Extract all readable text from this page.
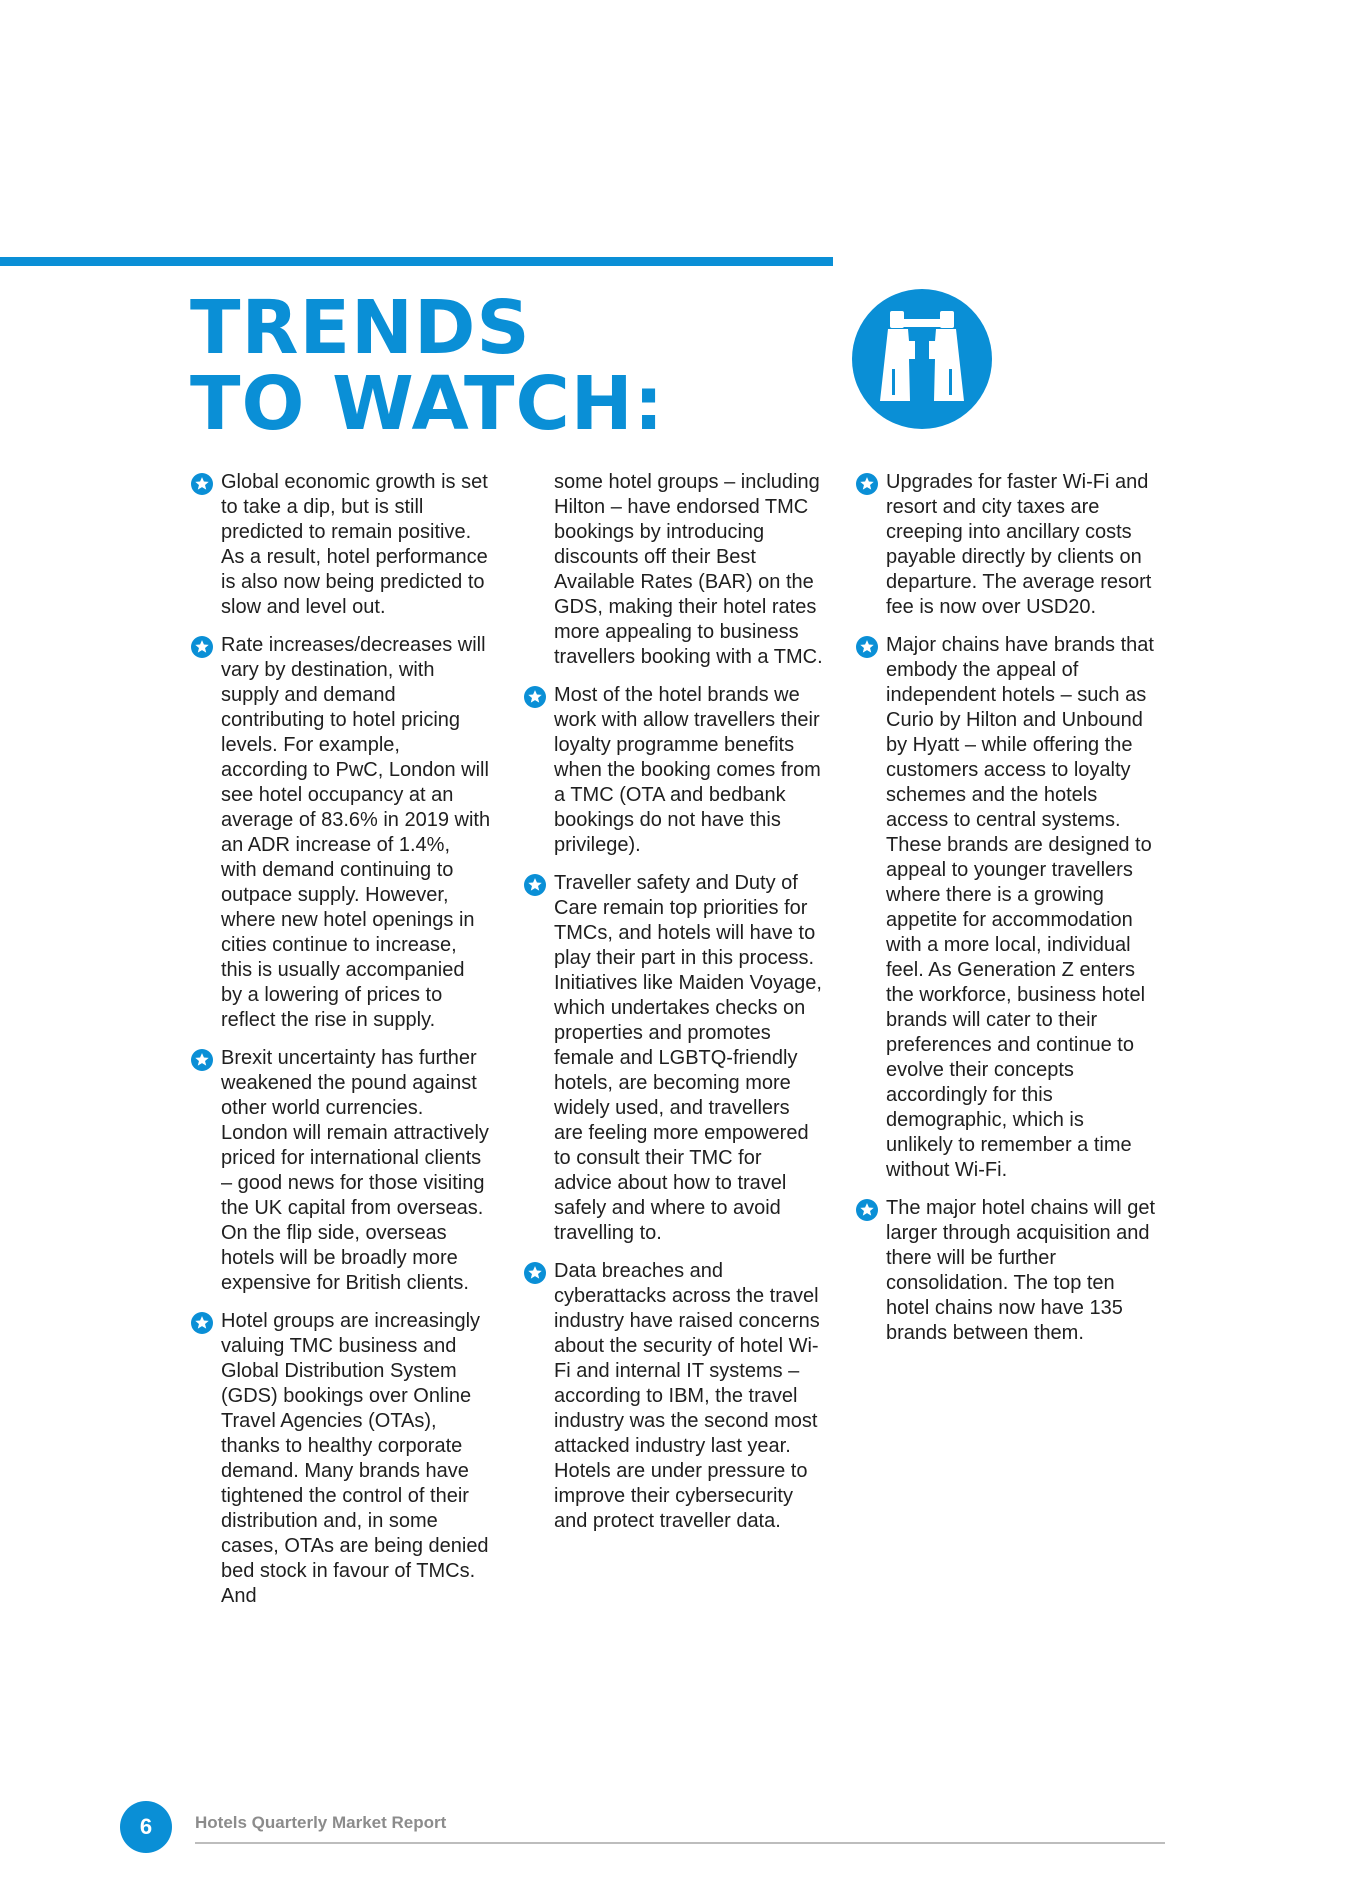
TRENDS
TO WATCH:
Global economic growth is set to take a dip, but is still predicted to remain positive. As a result, hotel performance is also now being predicted to slow and level out.
Rate increases/decreases will vary by destination, with supply and demand contributing to hotel pricing levels. For example, according to PwC, London will see hotel occupancy at an average of 83.6% in 2019 with an ADR increase of 1.4%, with demand continuing to outpace supply. However, where new hotel openings in cities continue to increase, this is usually accompanied by a lowering of prices to reflect the rise in supply.
Brexit uncertainty has further weakened the pound against other world currencies. London will remain attractively priced for international clients – good news for those visiting the UK capital from overseas. On the flip side, overseas hotels will be broadly more expensive for British clients.
Hotel groups are increasingly valuing TMC business and Global Distribution System (GDS) bookings over Online Travel Agencies (OTAs), thanks to healthy corporate demand. Many brands have tightened the control of their distribution and, in some cases, OTAs are being denied bed stock in favour of TMCs. And
some hotel groups – including Hilton – have endorsed TMC bookings by introducing discounts off their Best Available Rates (BAR) on the GDS, making their hotel rates more appealing to business travellers booking with a TMC.
Most of the hotel brands we work with allow travellers their loyalty programme benefits when the booking comes from a TMC (OTA and bedbank bookings do not have this privilege).
Traveller safety and Duty of Care remain top priorities for TMCs, and hotels will have to play their part in this process. Initiatives like Maiden Voyage, which undertakes checks on properties and promotes female and LGBTQ-friendly hotels, are becoming more widely used, and travellers are feeling more empowered to consult their TMC for advice about how to travel safely and where to avoid travelling to.
Data breaches and cyberattacks across the travel industry have raised concerns about the security of hotel Wi-Fi and internal IT systems – according to IBM, the travel industry was the second most attacked industry last year. Hotels are under pressure to improve their cybersecurity and protect traveller data.
Upgrades for faster Wi-Fi and resort and city taxes are creeping into ancillary costs payable directly by clients on departure. The average resort fee is now over USD20.
Major chains have brands that embody the appeal of independent hotels – such as Curio by Hilton and Unbound by Hyatt – while offering the customers access to loyalty schemes and the hotels access to central systems. These brands are designed to appeal to younger travellers where there is a growing appetite for accommodation with a more local, individual feel. As Generation Z enters the workforce, business hotel brands will cater to their preferences and continue to evolve their concepts accordingly for this demographic, which is unlikely to remember a time without Wi-Fi.
The major hotel chains will get larger through acquisition and there will be further consolidation. The top ten hotel chains now have 135 brands between them.
6	Hotels Quarterly Market Report
